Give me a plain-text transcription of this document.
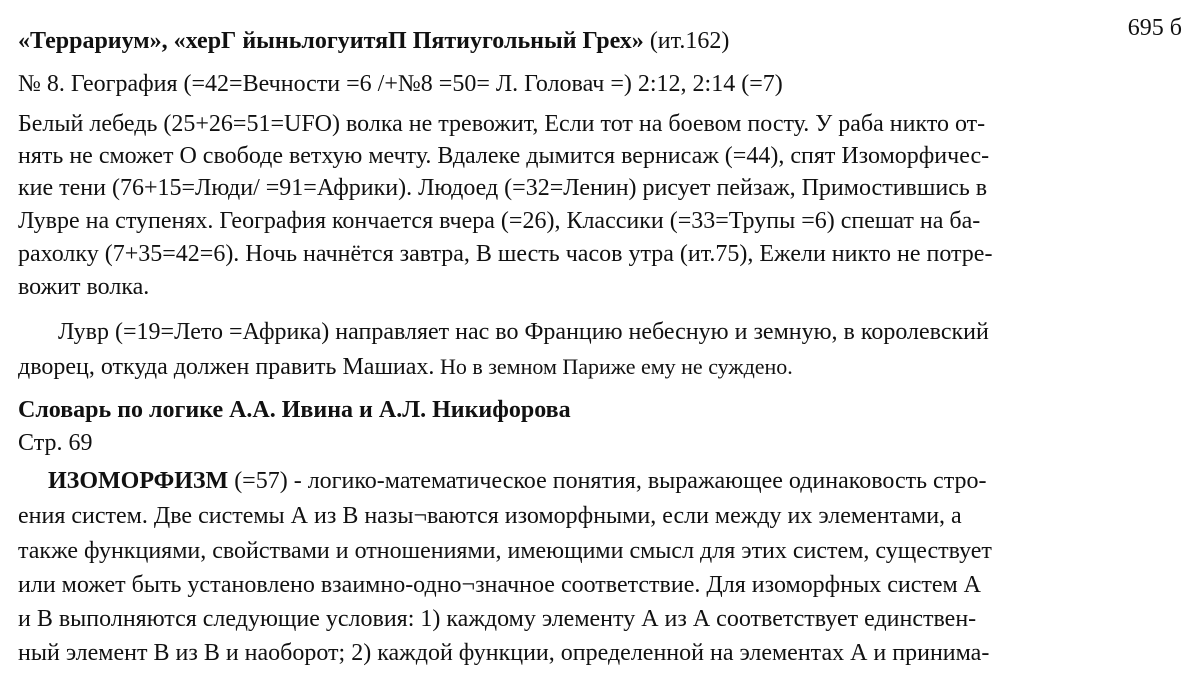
695 б
«Террариум», «херГ йыньлогуитяП Пятиугольный Грех» (ит.162)
№ 8. География (=42=Вечности =6 /+№8 =50= Л. Головач =) 2:12, 2:14 (=7)
Белый лебедь (25+26=51=UFO) волка не тревожит, Если тот на боевом посту. У раба никто от-
нять не сможет О свободе ветхую мечту. Вдалеке дымится вернисаж (=44), спят Изоморфичес-
кие тени (76+15=Люди/ =91=Африки). Людоед (=32=Ленин) рисует пейзаж, Примостившись в
Лувре на ступенях. География кончается вчера (=26), Классики (=33=Трупы =6) спешат на ба-
рахолку (7+35=42=6). Ночь начнётся завтра, В шесть часов утра (ит.75), Ежели никто не потре-
вожит волка.
Лувр (=19=Лето =Африка) направляет нас во Францию небесную и земную, в королевский
дворец, откуда должен править Машиах. Но в земном Париже ему не суждено.
Словарь по логике А.А. Ивина и А.Л. Никифорова
Стр. 69
ИЗОМОРФИЗМ (=57) - логико-математическое понятия, выражающее одинаковость стро-
ения систем. Две системы А из В назы¬ваются изоморфными, если между их элементами, а
также функциями, свойствами и отношениями, имеющими смысл для этих систем, существует
или может быть установлено взаимно-одно¬значное соответствие. Для изоморфных систем А
и В выполняются следующие условия: 1) каждому элементу А из А соответствует единствен-
ный элемент В из В и наоборот; 2) каждой функции, определенной на элементах А и принима-
